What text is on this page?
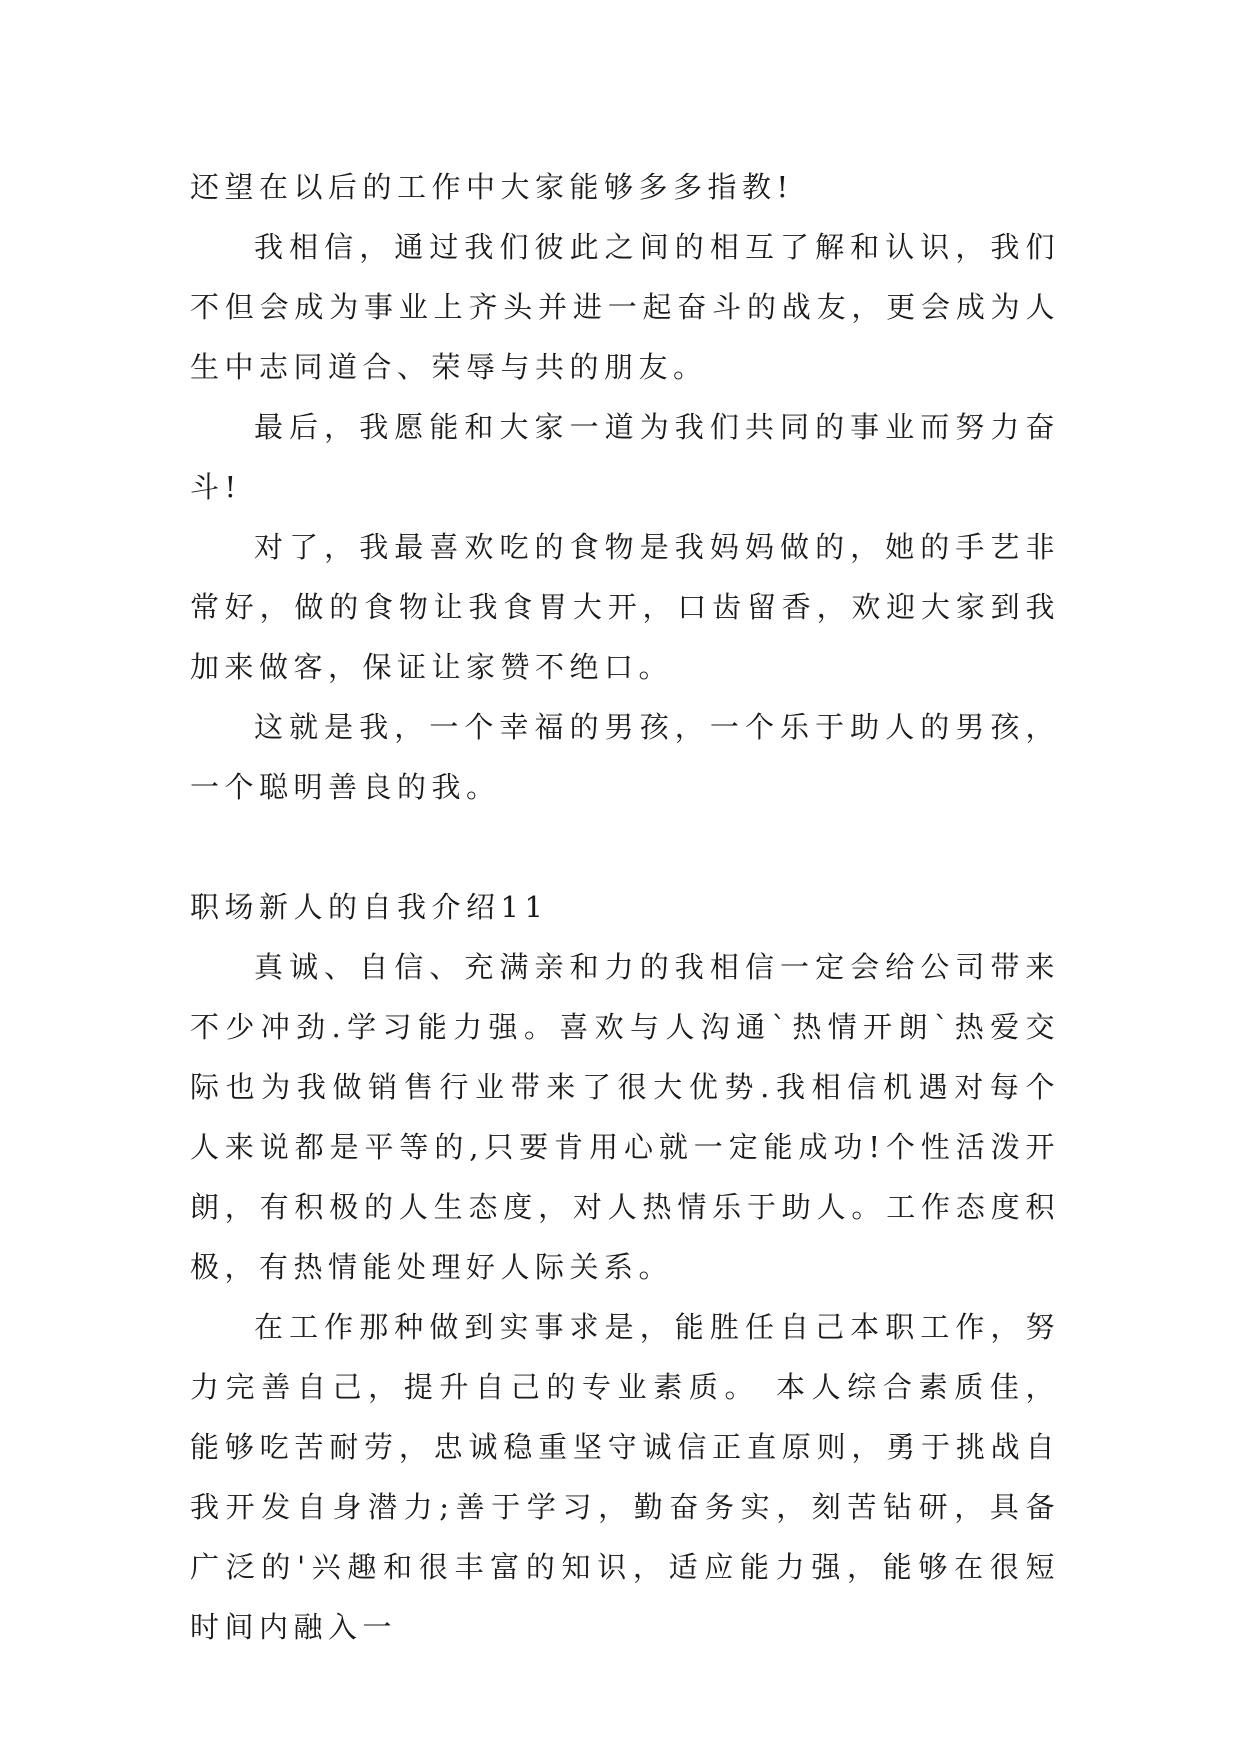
还望在以后的工作中大家能够多多指教!

我相信，通过我们彼此之间的相互了解和认识，我们不但会成为事业上齐头并进一起奋斗的战友，更会成为人生中志同道合、荣辱与共的朋友。

最后，我愿能和大家一道为我们共同的事业而努力奋斗!

对了，我最喜欢吃的食物是我妈妈做的，她的手艺非常好，做的食物让我食胃大开，口齿留香，欢迎大家到我加来做客，保证让家赞不绝口。

这就是我，一个幸福的男孩，一个乐于助人的男孩，一个聪明善良的我。

职场新人的自我介绍11

真诚、自信、充满亲和力的我相信一定会给公司带来不少冲劲.学习能力强。喜欢与人沟通`热情开朗`热爱交际也为我做销售行业带来了很大优势.我相信机遇对每个人来说都是平等的,只要肯用心就一定能成功!个性活泼开朗，有积极的人生态度，对人热情乐于助人。工作态度积极，有热情能处理好人际关系。

在工作那种做到实事求是，能胜任自己本职工作，努力完善自己，提升自己的专业素质。 本人综合素质佳，能够吃苦耐劳，忠诚稳重坚守诚信正直原则，勇于挑战自我开发自身潜力;善于学习，勤奋务实，刻苦钻研，具备广泛的'兴趣和很丰富的知识，适应能力强，能够在很短时间内融入一
